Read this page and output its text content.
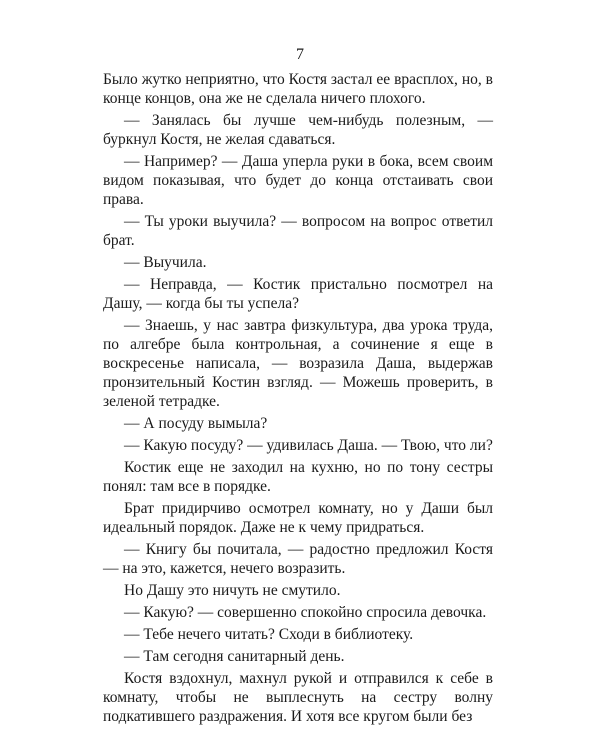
7

Было жутко неприятно, что Костя застал ее врасплох, но, в конце концов, она же не сделала ничего плохого.

— Занялась бы лучше чем-нибудь полезным, — буркнул Костя, не желая сдаваться.

— Например? — Даша уперла руки в бока, всем своим видом показывая, что будет до конца отстаивать свои права.

— Ты уроки выучила? — вопросом на вопрос ответил брат.

— Выучила.

— Неправда, — Костик пристально посмотрел на Дашу, — когда бы ты успела?

— Знаешь, у нас завтра физкультура, два урока труда, по алгебре была контрольная, а сочинение я еще в воскресенье написала, — возразила Даша, выдержав пронзительный Костин взгляд. — Можешь проверить, в зеленой тетрадке.

— А посуду вымыла?

— Какую посуду? — удивилась Даша. — Твою, что ли?

Костик еще не заходил на кухню, но по тону сестры понял: там все в порядке.

Брат придирчиво осмотрел комнату, но у Даши был идеальный порядок. Даже не к чему придраться.

— Книгу бы почитала, — радостно предложил Костя — на это, кажется, нечего возразить.

Но Дашу это ничуть не смутило.

— Какую? — совершенно спокойно спросила девочка.

— Тебе нечего читать? Сходи в библиотеку.

— Там сегодня санитарный день.

Костя вздохнул, махнул рукой и отправился к себе в комнату, чтобы не выплеснуть на сестру волну подкатившего раздражения. И хотя все кругом были без
